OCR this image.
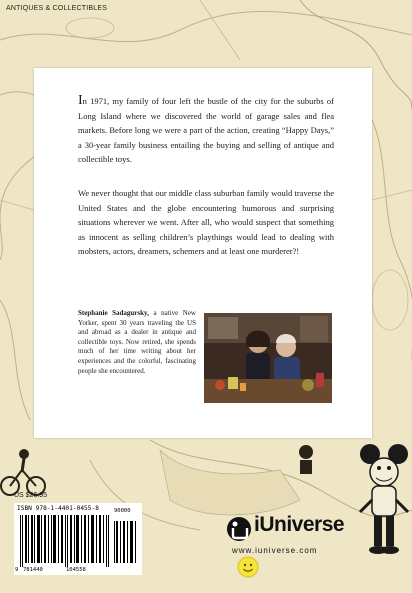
ANTIQUES & COLLECTIBLES

In 1971, my family of four left the bustle of the city for the suburbs of Long Island where we discovered the world of garage sales and flea markets. Before long we were a part of the action, creating “Happy Days,” a 30-year family business entailing the buying and selling of antique and collectible toys.

We never thought that our middle class suburban family would traverse the United States and the globe encountering humorous and surprising situations wherever we went. After all, who would suspect that something as innocent as selling children’s playthings would lead to dealing with mobsters, actors, dreamers, schemers and at least one murderer?!

Stephanie Sadagursky, a native New Yorker, spent 30 years traveling the US and abroad as a dealer in antique and collectible toys. Now retired, she spends much of her time writing about her experiences and the colorful, fascinating people she encountered.

US $26.95
ISBN 978-1-4401-0455-8
9 781440	104558
90000
iUniverse
www.iuniverse.com
